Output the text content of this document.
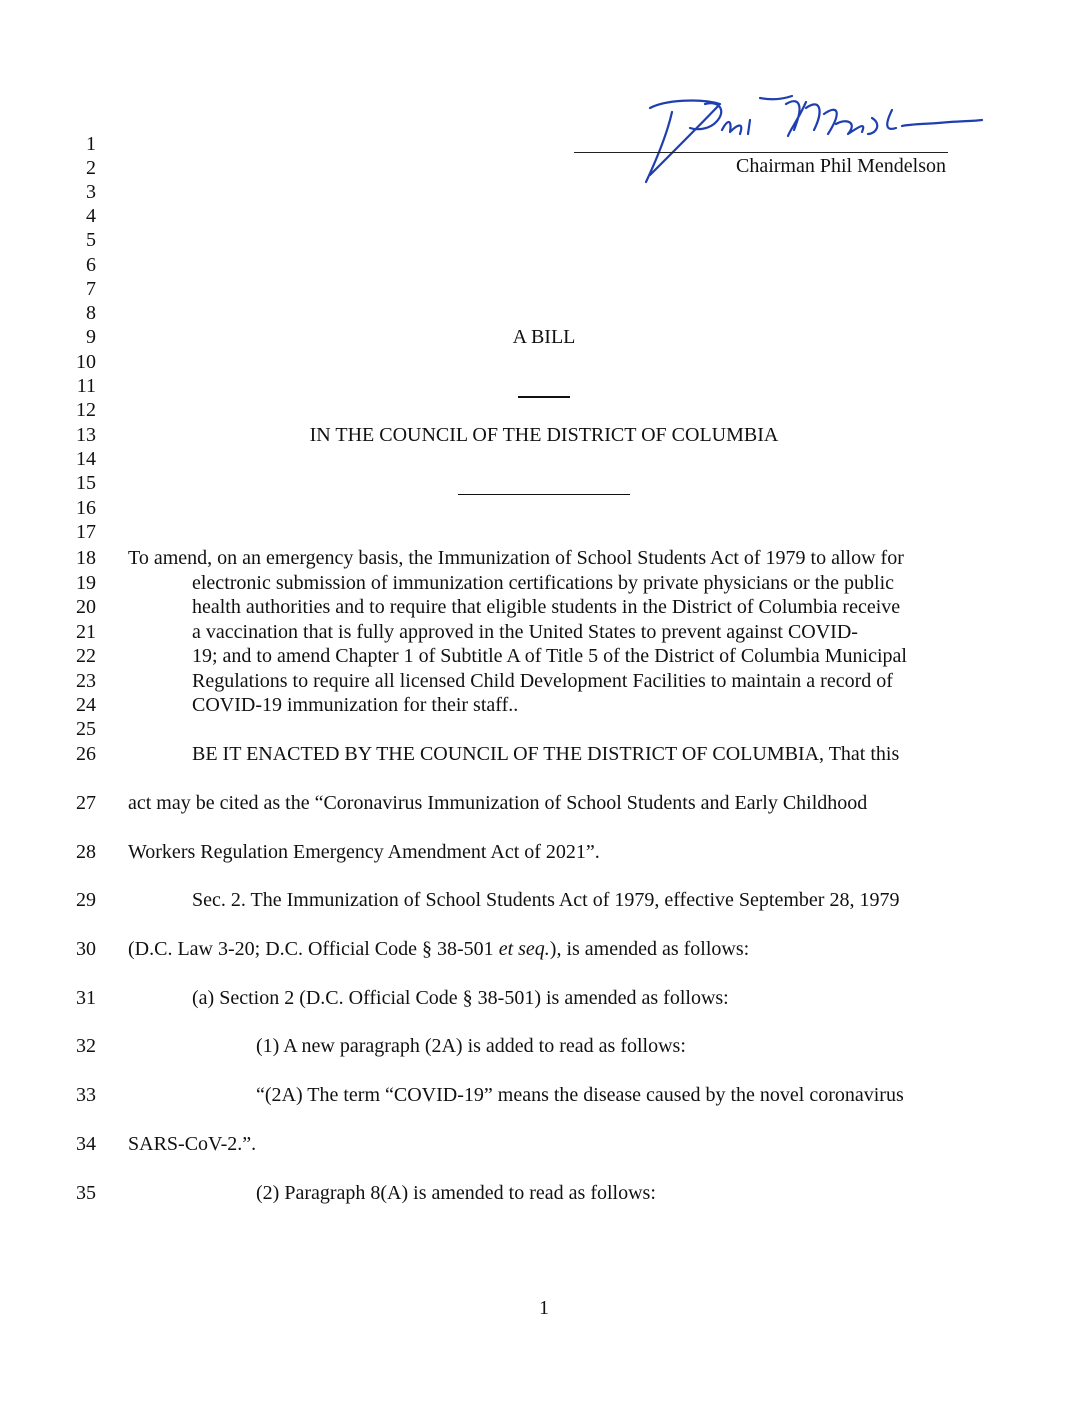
Chairman Phil Mendelson
1
2
3
4
5
6
7
8
9
10
11
12
13
14
15
16
17
18
19
20
21
22
23
24
25
26
27
28
29
30
31
32
33
34
35
A BILL
IN THE COUNCIL OF THE DISTRICT OF COLUMBIA
To amend, on an emergency basis, the Immunization of School Students Act of 1979 to allow for
electronic submission of immunization certifications by private physicians or the public
health authorities and to require that eligible students in the District of Columbia receive
a vaccination that is fully approved in the United States to prevent against COVID-
19; and to amend Chapter 1 of Subtitle A of Title 5 of the District of Columbia Municipal
Regulations to require all licensed Child Development Facilities to maintain a record of
COVID-19 immunization for their staff..
BE IT ENACTED BY THE COUNCIL OF THE DISTRICT OF COLUMBIA, That this
act may be cited as the “Coronavirus Immunization of School Students and Early Childhood
Workers Regulation Emergency Amendment Act of 2021”.
Sec. 2. The Immunization of School Students Act of 1979, effective September 28, 1979
(D.C. Law 3-20; D.C. Official Code § 38-501 et seq.), is amended as follows:
(a) Section 2 (D.C. Official Code § 38-501) is amended as follows:
(1) A new paragraph (2A) is added to read as follows:
“(2A) The term “COVID-19” means the disease caused by the novel coronavirus
SARS-CoV-2.”.
(2) Paragraph 8(A) is amended to read as follows:
1
